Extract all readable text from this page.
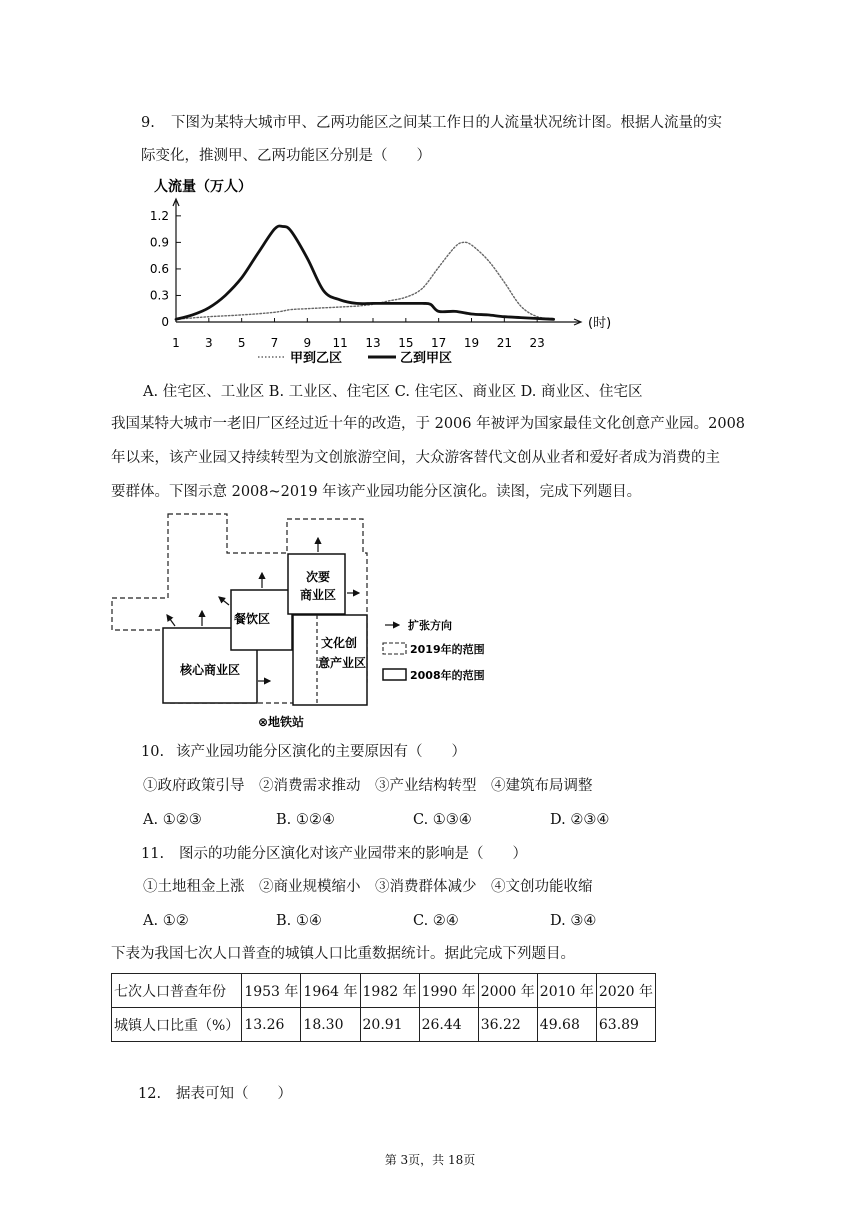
9. 下图为某特大城市甲、乙两功能区之间某工作日的人流量状况统计图。根据人流量的实
际变化，推测甲、乙两功能区分别是（　　）
人流量（万人）
0
0.3
0.6
0.9
1.2
1 3 5 7 9 11 13 15 17 19 21 23
(时)
甲到乙区	乙到甲区
A. 住宅区、工业区 B. 工业区、住宅区 C. 住宅区、商业区 D. 商业区、住宅区
我国某特大城市一老旧厂区经过近十年的改造，于 2006 年被评为国家最佳文化创意产业园。2008
年以来，该产业园又持续转型为文创旅游空间，大众游客替代文创从业者和爱好者成为消费的主
要群体。下图示意 2008~2019 年该产业园功能分区演化。读图，完成下列题目。
核心商业区
餐饮区
次要商业区
文化创意产业区
⊗地铁站
扩张方向
2019年的范围
2008年的范围
10. 该产业园功能分区演化的主要原因有（　　）
①政府政策引导　②消费需求推动　③产业结构转型　④建筑布局调整
A. ①②③	B. ①②④	C. ①③④	D. ②③④
11. 图示的功能分区演化对该产业园带来的影响是（　　）
①土地租金上涨　②商业规模缩小　③消费群体减少　④文创功能收缩
A. ①②	B. ①④	C. ②④	D. ③④
下表为我国七次人口普查的城镇人口比重数据统计。据此完成下列题目。
七次人口普查年份	1953 年	1964 年	1982 年	1990 年	2000 年	2010 年	2020 年
城镇人口比重（%）	13.26	18.30	20.91	26.44	36.22	49.68	63.89
12. 据表可知（　　）
第 3页，共 18页
